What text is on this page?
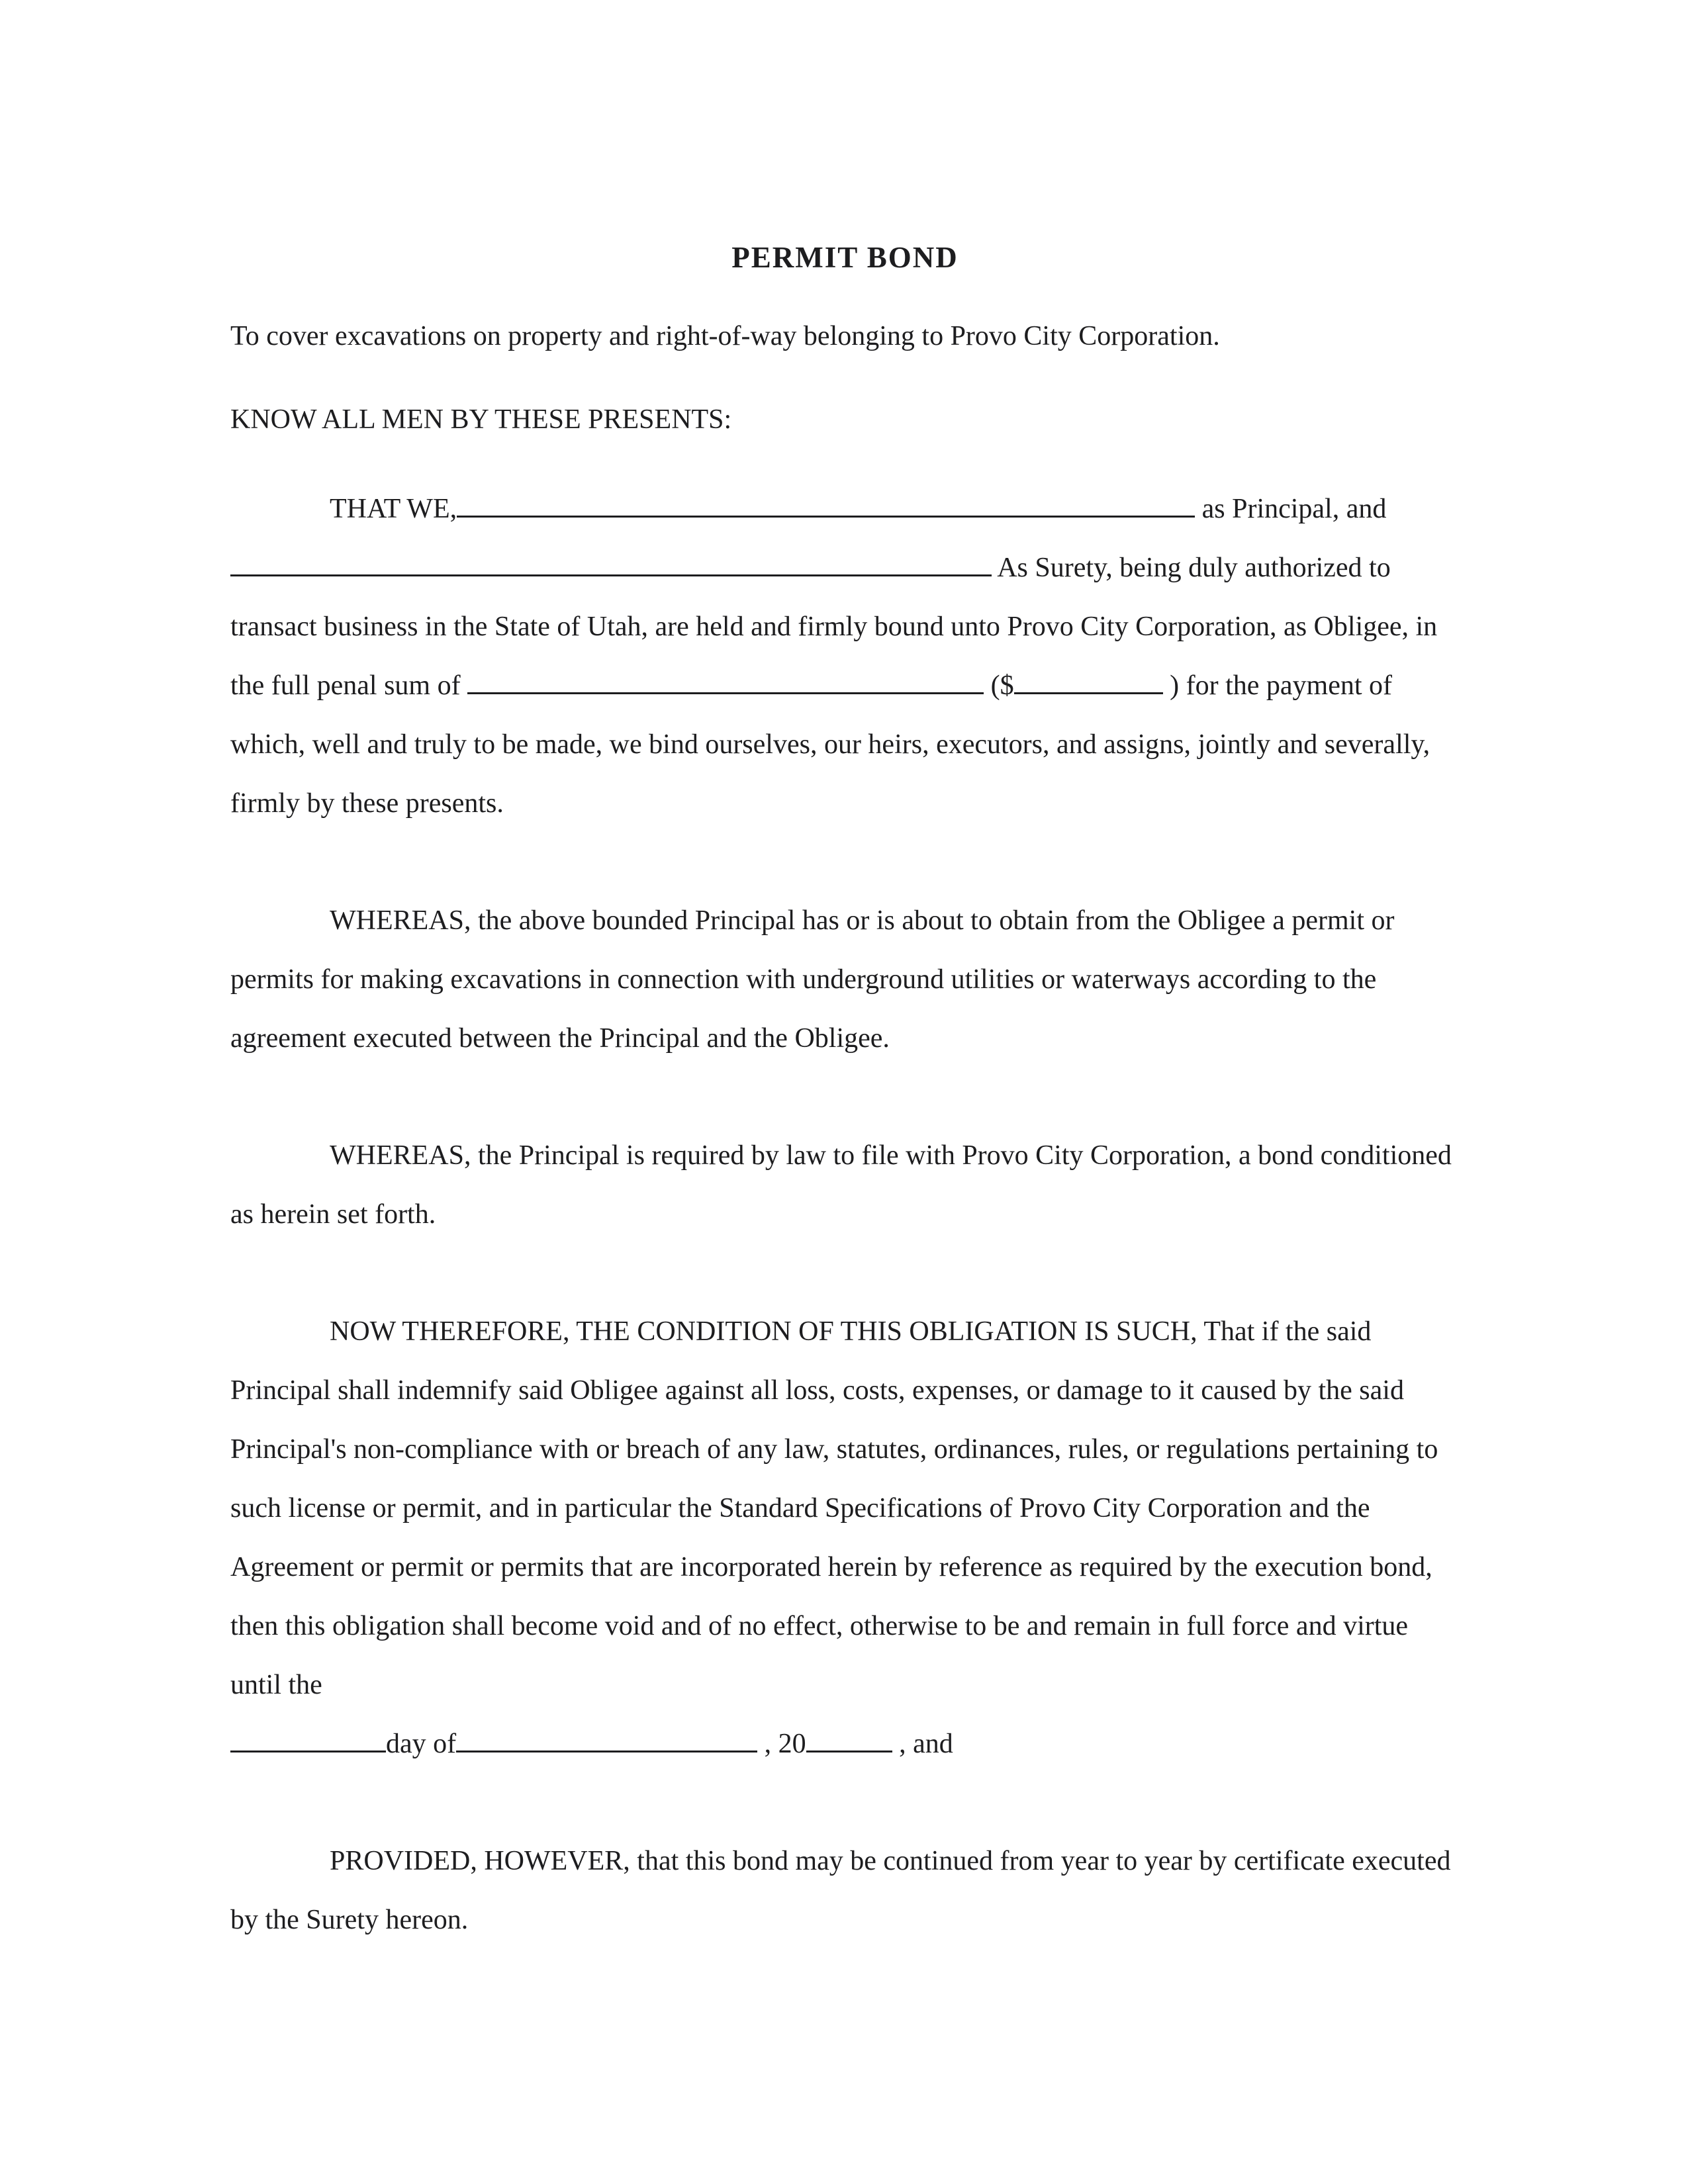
PERMIT BOND

To cover excavations on property and right-of-way belonging to Provo City Corporation.

KNOW ALL MEN BY THESE PRESENTS:

THAT WE,	as Principal, and  As Surety, being duly authorized to transact business in the State of Utah, are held and firmly bound unto Provo City Corporation, as Obligee, in the full penal sum of	($	) for the payment of which, well and truly to be made, we bind ourselves, our heirs, executors, and assigns, jointly and severally, firmly by these presents.

WHEREAS, the above bounded Principal has or is about to obtain from the Obligee a permit or permits for making excavations in connection with underground utilities or waterways according to the agreement executed between the Principal and the Obligee.

WHEREAS, the Principal is required by law to file with Provo City Corporation, a bond conditioned as herein set forth.

NOW THEREFORE, THE CONDITION OF THIS OBLIGATION IS SUCH, That if the said Principal shall indemnify said Obligee against all loss, costs, expenses, or damage to it caused by the said Principal's non-compliance with or breach of any law, statutes, ordinances, rules, or regulations pertaining to such license or permit, and in particular the Standard Specifications of Provo City Corporation and the Agreement or permit or permits that are incorporated herein by reference as required by the execution bond, then this obligation shall become void and of no effect, otherwise to be and remain in full force and virtue until the

day of	, 20	, and

PROVIDED, HOWEVER, that this bond may be continued from year to year by certificate executed by the Surety hereon.
